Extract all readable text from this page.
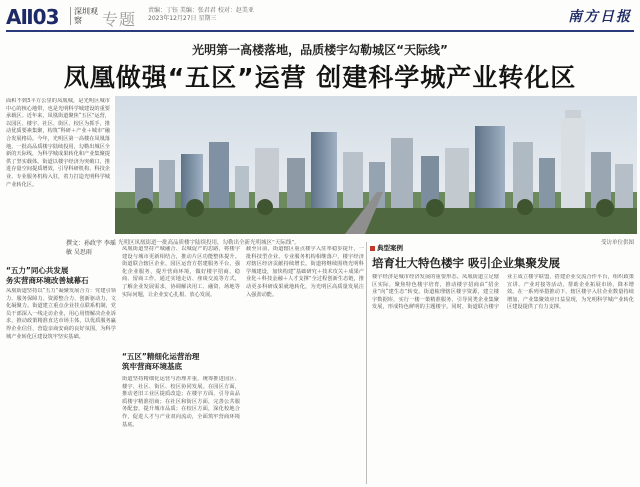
AⅡ03	深圳观察	专题 责编：丁钰 美编：张君君 校对：赵美亚
2023年12月27日 星期三	南方日报
光明第一高楼落地，品质楼宇勾勒城区“天际线”
凤凰做强“五区”运营 创建科学城产业转化区
面积不到5平方公里的凤凰城，是光明区城市中心的核心地带，也是光明科学城建设的重要承载区。近年来，凤凰街道聚焦“五区”运营，以园区、楼宇、社区、街区、校区为抓手，推动优质要素集聚，构筑“科研＋产业＋城市”融合发展格局。今年，光明区第一高楼在凤凰落地，一批高品质楼宇陆续投用，勾勒出城区全新的天际线，为科学城成果转化和产业集聚提供了坚实载体。街道以楼宇经济为突破口，推进存量空间提质增效，引导科研机构、科技企业、专业服务机构入驻，着力打造光明科学城产业转化区。
光明区凤凰街道一批高品质楼宇陆续投用，勾勒出全新光明城区“天际线”。	受访单位供图
撰文：孙政宇 李瑶敏 吴思雨
“五力”同心共发展
务实营商环境改善城幕石
凤凰街道坚持以“五力”凝聚发展合力：党建引领力、服务保障力、资源整合力、创新驱动力、文化凝聚力。街道建立重点企业挂点联系机制，党员干部深入一线走访企业，用心用情解决企业诉求，推动政策精准直达市场主体，以优质服务赢得企业信任，营造亲商安商的良好氛围，为科学城产业转化区建设筑牢坚实基础。
凤凰街道坚持产城融合、以城促产的思路，将楼宇建设与城市更新相结合，推动片区功能整体提升。街道联合辖区企业、园区运营方搭建服务平台，强化企业服务，提升营商环境，做好楼宇招商、稳商、留商工作。通过实地走访、座谈交流等方式，了解企业发展需求，协调解决用工、融资、场地等实际问题，让企业安心扎根、放心发展。
“五区”精细化运营治理
筑牢营商环境基底
街道坚持精细化运营与治理并重，统筹推进园区、楼宇、社区、街区、校区协同发展。在园区方面，推动老旧工业区提质改造；在楼宇方面，引导高品质楼宇精准招商；在社区和街区方面，完善公共服务配套，提升城市品质；在校区方面，深化校地合作，促进人才与产业双向流动，全面筑牢营商环境基底。
截至目前，街道辖区重点楼宇入驻率稳步提升，一批科技型企业、专业服务机构相继落户，楼宇经济对辖区经济贡献持续增长。街道将继续围绕光明科学城建设，加快构建“基础研究＋技术攻关＋成果产业化＋科技金融＋人才支撑”全过程创新生态链，推动更多科研成果就地转化，为光明区高质量发展注入强劲动能。
典型案例
培育壮大特色楼宇 吸引企业集聚发展
楼宇经济是城市经济发展的重要形态。凤凰街道立足辖区实际，聚焦特色楼宇培育，推动楼宇招商由“招企业”向“建生态”转变。街道梳理辖区楼宇资源，建立楼宇数据库，实行一楼一策精准服务，引导同类企业集聚发展，形成特色鲜明的主题楼宇。同时，街道联合楼宇业主成立楼宇联盟，搭建企业交流合作平台，组织政策宣讲、产业对接等活动，帮助企业拓展市场、降本增效。在一系列举措推动下，辖区楼宇入驻企业数量持续增加，产业集聚效应日益显现，为光明科学城产业转化区建设提供了有力支撑。
